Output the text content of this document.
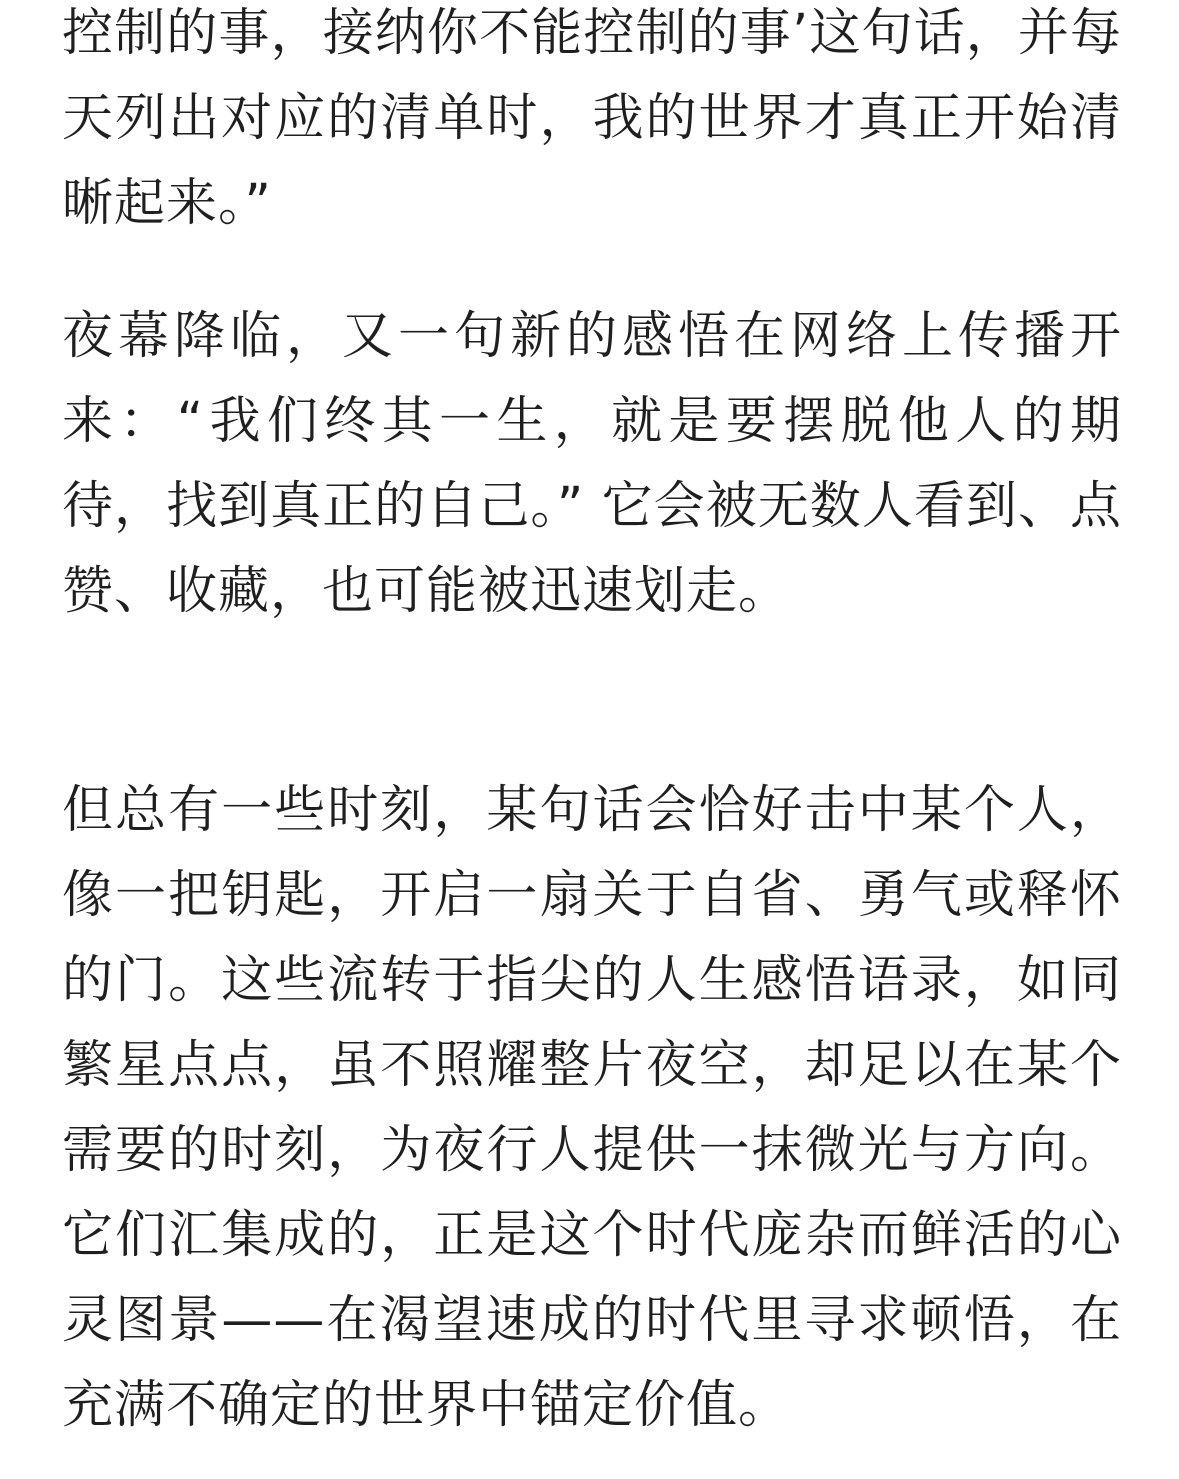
控制的事，接纳你不能控制的事’这句话，并每天列出对应的清单时，我的世界才真正开始清晰起来。”

夜幕降临，又一句新的感悟在网络上传播开来：“我们终其一生，就是要摆脱他人的期待，找到真正的自己。” 它会被无数人看到、点赞、收藏，也可能被迅速划走。

但总有一些时刻，某句话会恰好击中某个人，像一把钥匙，开启一扇关于自省、勇气或释怀的门。这些流转于指尖的人生感悟语录，如同繁星点点，虽不照耀整片夜空，却足以在某个需要的时刻，为夜行人提供一抹微光与方向。它们汇集成的，正是这个时代庞杂而鲜活的心灵图景——在渴望速成的时代里寻求顿悟，在充满不确定的世界中锚定价值。
